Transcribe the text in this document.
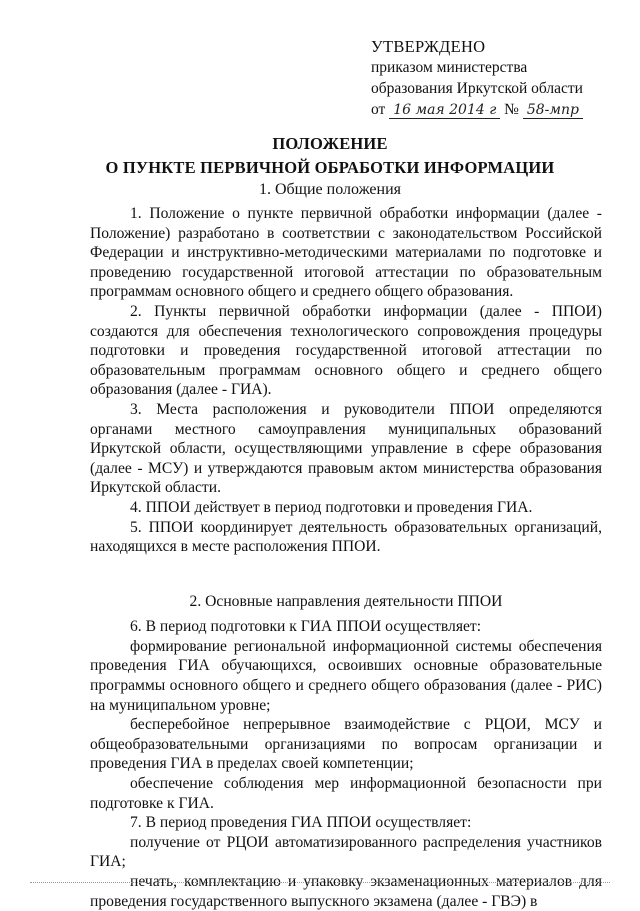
УТВЕРЖДЕНО
приказом министерства
образования Иркутской области
от 16 мая 2014 г № 58-мпр
ПОЛОЖЕНИЕ
О ПУНКТЕ ПЕРВИЧНОЙ ОБРАБОТКИ ИНФОРМАЦИИ
1. Общие положения

1. Положение о пункте первичной обработки информации (далее - Положение) разработано в соответствии с законодательством Российской Федерации и инструктивно-методическими материалами по подготовке и проведению государственной итоговой аттестации по образовательным программам основного общего и среднего общего образования.

2. Пункты первичной обработки информации (далее - ППОИ) создаются для обеспечения технологического сопровождения процедуры подготовки и проведения государственной итоговой аттестации по образовательным программам основного общего и среднего общего образования (далее - ГИА).

3. Места расположения и руководители ППОИ определяются органами местного самоуправления муниципальных образований Иркутской области, осуществляющими управление в сфере образования (далее - МСУ) и утверждаются правовым актом министерства образования Иркутской области.

4. ППОИ действует в период подготовки и проведения ГИА.

5. ППОИ координирует деятельность образовательных организаций, находящихся в месте расположения ППОИ.

2. Основные направления деятельности ППОИ

6. В период подготовки к ГИА ППОИ осуществляет:

формирование региональной информационной системы обеспечения проведения ГИА обучающихся, освоивших основные образовательные программы основного общего и среднего общего образования (далее - РИС) на муниципальном уровне;

бесперебойное непрерывное взаимодействие с РЦОИ, МСУ и общеобразовательными организациями по вопросам организации и проведения ГИА в пределах своей компетенции;

обеспечение соблюдения мер информационной безопасности при подготовке к ГИА.

7. В период проведения ГИА ППОИ осуществляет:

получение от РЦОИ автоматизированного распределения участников ГИА;

печать, комплектацию и упаковку экзаменационных материалов для проведения государственного выпускного экзамена (далее - ГВЭ) в
